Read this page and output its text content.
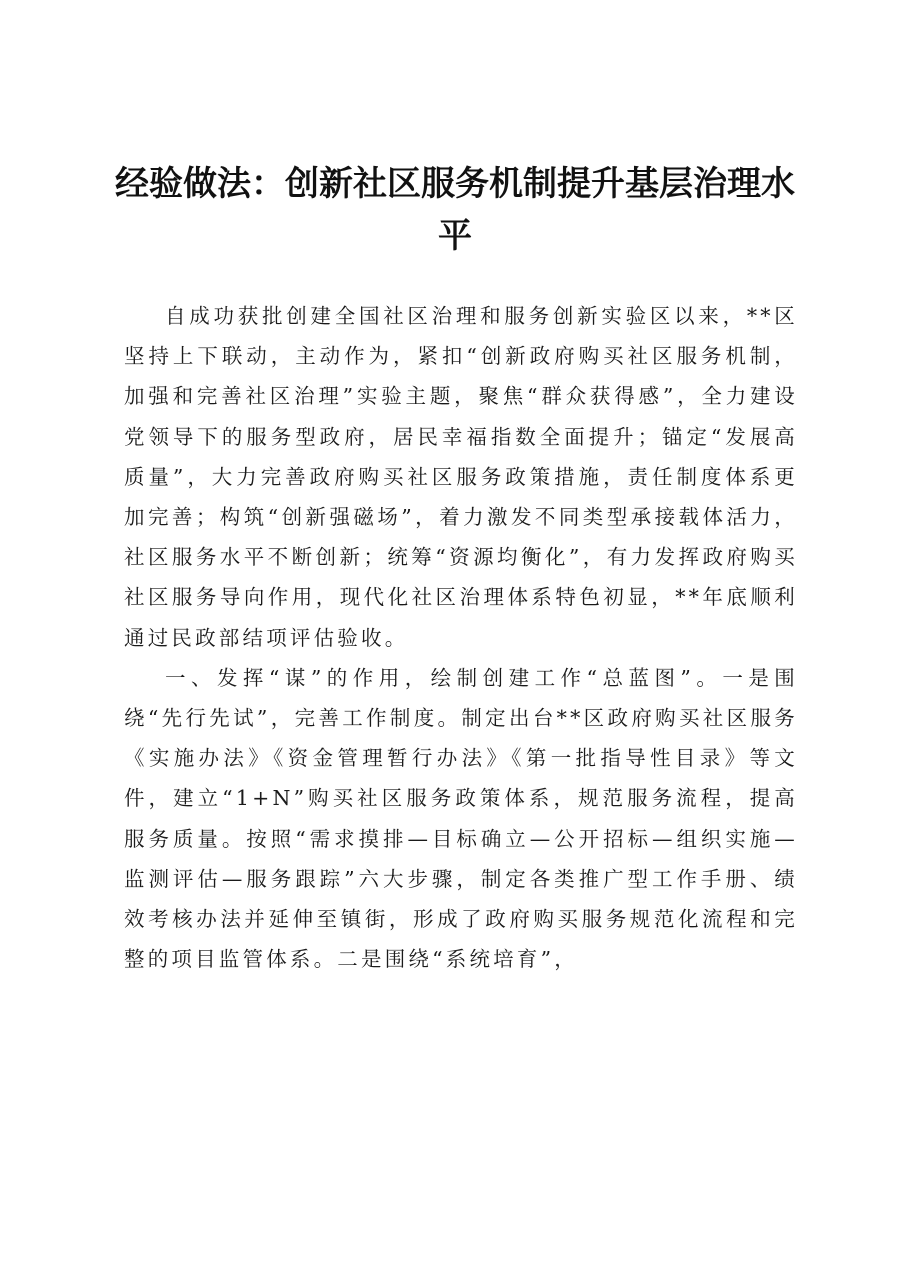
经验做法：创新社区服务机制提升基层治理水平

自成功获批创建全国社区治理和服务创新实验区以来，**区坚持上下联动，主动作为，紧扣“创新政府购买社区服务机制，加强和完善社区治理”实验主题，聚焦“群众获得感”，全力建设党领导下的服务型政府，居民幸福指数全面提升；锚定“发展高质量”，大力完善政府购买社区服务政策措施，责任制度体系更加完善；构筑“创新强磁场”，着力激发不同类型承接载体活力，社区服务水平不断创新；统筹“资源均衡化”，有力发挥政府购买社区服务导向作用，现代化社区治理体系特色初显，**年底顺利通过民政部结项评估验收。

一、发挥“谋”的作用，绘制创建工作“总蓝图”。一是围绕“先行先试”，完善工作制度。制定出台**区政府购买社区服务《实施办法》《资金管理暂行办法》《第一批指导性目录》等文件，建立“1+N”购买社区服务政策体系，规范服务流程，提高服务质量。按照“需求摸排—目标确立—公开招标—组织实施—监测评估—服务跟踪”六大步骤，制定各类推广型工作手册、绩效考核办法并延伸至镇街，形成了政府购买服务规范化流程和完整的项目监管体系。二是围绕“系统培育”，
